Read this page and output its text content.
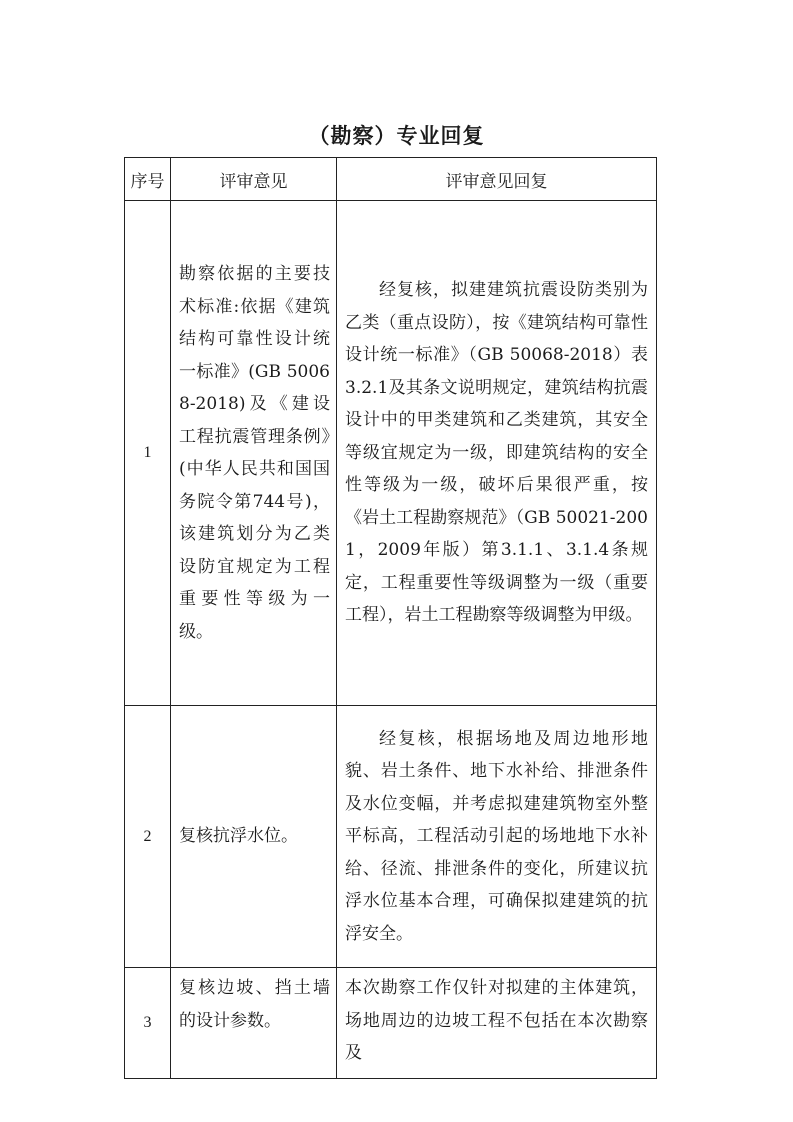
（勘察）专业回复
序号	评审意见	评审意见回复
1	勘察依据的主要技术标准:依据《建筑结构可靠性设计统一标准》(GB 50068-2018)及《建设工程抗震管理条例》(中华人民共和国国务院令第744号)，该建筑划分为乙类设防宜规定为工程重要性等级为一级。	经复核，拟建建筑抗震设防类别为乙类（重点设防），按《建筑结构可靠性设计统一标准》（GB 50068-2018）表3.2.1及其条文说明规定，建筑结构抗震设计中的甲类建筑和乙类建筑，其安全等级宜规定为一级，即建筑结构的安全性等级为一级，破坏后果很严重，按《岩土工程勘察规范》（GB 50021-2001，2009年版）第3.1.1、3.1.4条规定，工程重要性等级调整为一级（重要工程），岩土工程勘察等级调整为甲级。
2	复核抗浮水位。	经复核，根据场地及周边地形地貌、岩土条件、地下水补给、排泄条件及水位变幅，并考虑拟建建筑物室外整平标高，工程活动引起的场地地下水补给、径流、排泄条件的变化，所建议抗浮水位基本合理，可确保拟建建筑的抗浮安全。
3	复核边坡、挡土墙的设计参数。	本次勘察工作仅针对拟建的主体建筑，场地周边的边坡工程不包括在本次勘察及
